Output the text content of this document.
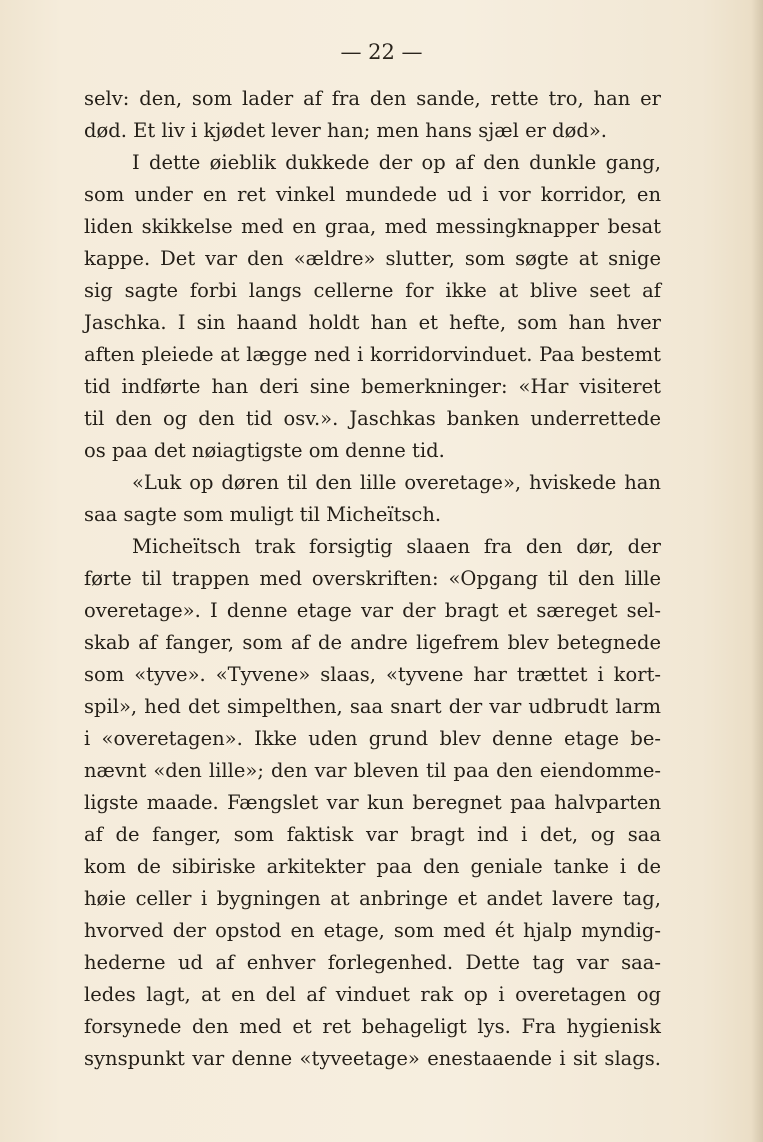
— 22 —
selv: den, som lader af fra den sande, rette tro, han er
død. Et liv i kjødet lever han; men hans sjæl er død».
I dette øieblik dukkede der op af den dunkle gang,
som under en ret vinkel mundede ud i vor korridor, en
liden skikkelse med en graa, med messingknapper besat
kappe. Det var den «ældre» slutter, som søgte at snige
sig sagte forbi langs cellerne for ikke at blive seet af
Jaschka. I sin haand holdt han et hefte, som han hver
aften pleiede at lægge ned i korridorvinduet. Paa bestemt
tid indførte han deri sine bemerkninger: «Har visiteret
til den og den tid osv.». Jaschkas banken underrettede
os paa det nøiagtigste om denne tid.
«Luk op døren til den lille overetage», hviskede han
saa sagte som muligt til Micheïtsch.
Micheïtsch trak forsigtig slaaen fra den dør, der
førte til trappen med overskriften: «Opgang til den lille
overetage». I denne etage var der bragt et særeget sel-
skab af fanger, som af de andre ligefrem blev betegnede
som «tyve». «Tyvene» slaas, «tyvene har trættet i kort-
spil», hed det simpelthen, saa snart der var udbrudt larm
i «overetagen». Ikke uden grund blev denne etage be-
nævnt «den lille»; den var bleven til paa den eiendomme-
ligste maade. Fængslet var kun beregnet paa halvparten
af de fanger, som faktisk var bragt ind i det, og saa
kom de sibiriske arkitekter paa den geniale tanke i de
høie celler i bygningen at anbringe et andet lavere tag,
hvorved der opstod en etage, som med ét hjalp myndig-
hederne ud af enhver forlegenhed. Dette tag var saa-
ledes lagt, at en del af vinduet rak op i overetagen og
forsynede den med et ret behageligt lys. Fra hygienisk
synspunkt var denne «tyveetage» enestaaende i sit slags.
